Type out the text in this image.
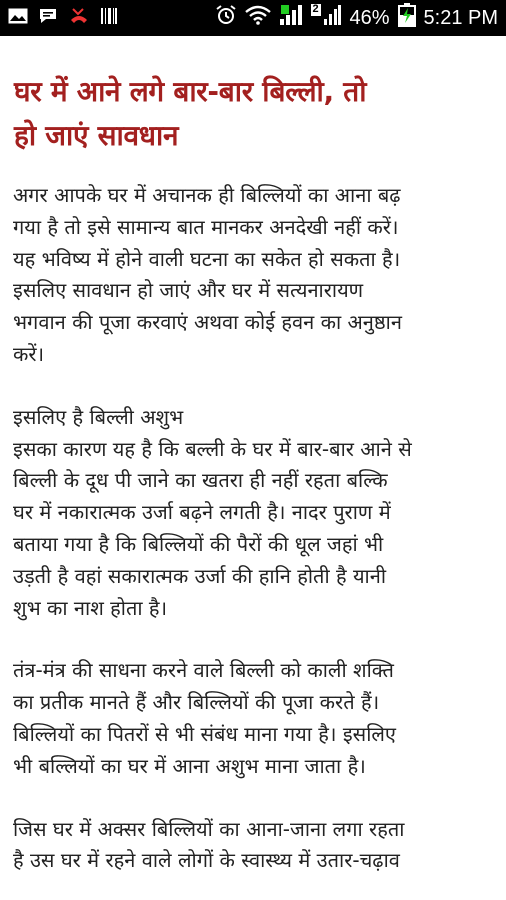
2 46% 5:21 PM
घर में आने लगे बार-बार बिल्ली, तो
हो जाएं सावधान
अगर आपके घर में अचानक ही बिल्लियों का आना बढ़
गया है तो इसे सामान्य बात मानकर अनदेखी नहीं करें।
यह भविष्य में होने वाली घटना का सकेत हो सकता है।
इसलिए सावधान हो जाएं और घर में सत्यनारायण
भगवान की पूजा करवाएं अथवा कोई हवन का अनुष्ठान
करें।
इसलिए है बिल्ली अशुभ
इसका कारण यह है कि बल्ली के घर में बार-बार आने से
बिल्ली के दूध पी जाने का खतरा ही नहीं रहता बल्कि
घर में नकारात्मक उर्जा बढ़ने लगती है। नादर पुराण में
बताया गया है कि बिल्लियों की पैरों की धूल जहां भी
उड़ती है वहां सकारात्मक उर्जा की हानि होती है यानी
शुभ का नाश होता है।
तंत्र-मंत्र की साधना करने वाले बिल्ली को काली शक्ति
का प्रतीक मानते हैं और बिल्लियों की पूजा करते हैं।
बिल्लियों का पितरों से भी संबंध माना गया है। इसलिए
भी बल्लियों का घर में आना अशुभ माना जाता है।
जिस घर में अक्सर बिल्लियों का आना-जाना लगा रहता
है उस घर में रहने वाले लोगों के स्वास्थ्य में उतार-चढ़ाव
